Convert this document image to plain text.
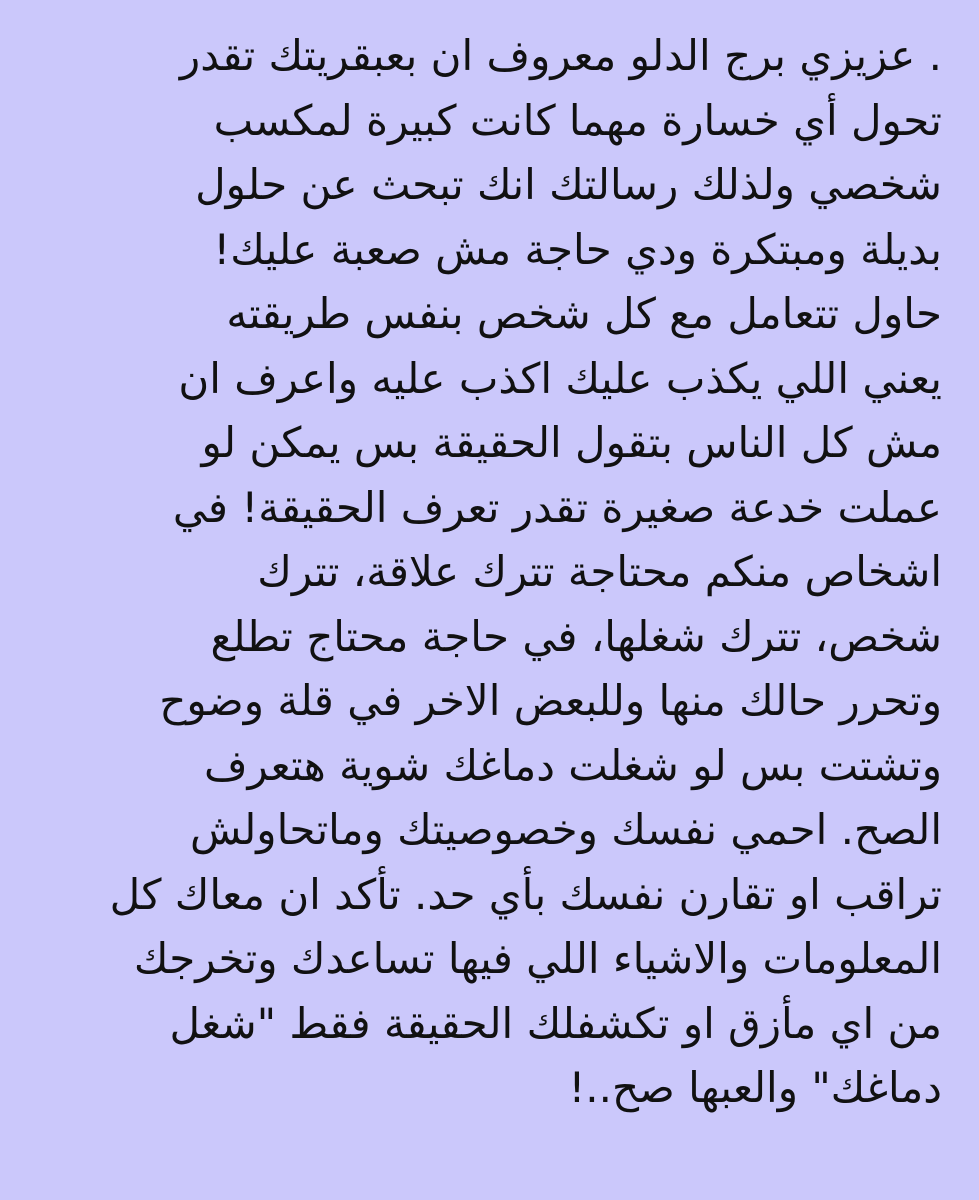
. عزيزي برج الدلو معروف ان بعبقريتك تقدر
تحول أي خسارة مهما كانت كبيرة لمكسب
شخصي ولذلك رسالتك انك تبحث عن حلول
بديلة ومبتكرة ودي حاجة مش صعبة عليك!
حاول تتعامل مع كل شخص بنفس طريقته
يعني اللي يكذب عليك اكذب عليه واعرف ان
مش كل الناس بتقول الحقيقة بس يمكن لو
عملت خدعة صغيرة تقدر تعرف الحقيقة! في
اشخاص منكم محتاجة تترك علاقة، تترك
شخص، تترك شغلها، في حاجة محتاج تطلع
وتحرر حالك منها وللبعض الاخر في قلة وضوح
وتشتت بس لو شغلت دماغك شوية هتعرف
الصح. احمي نفسك وخصوصيتك وماتحاولش
تراقب او تقارن نفسك بأي حد. تأكد ان معاك كل
المعلومات والاشياء اللي فيها تساعدك وتخرجك
من اي مأزق او تكشفلك الحقيقة فقط "شغل
دماغك" والعبها صح..!
